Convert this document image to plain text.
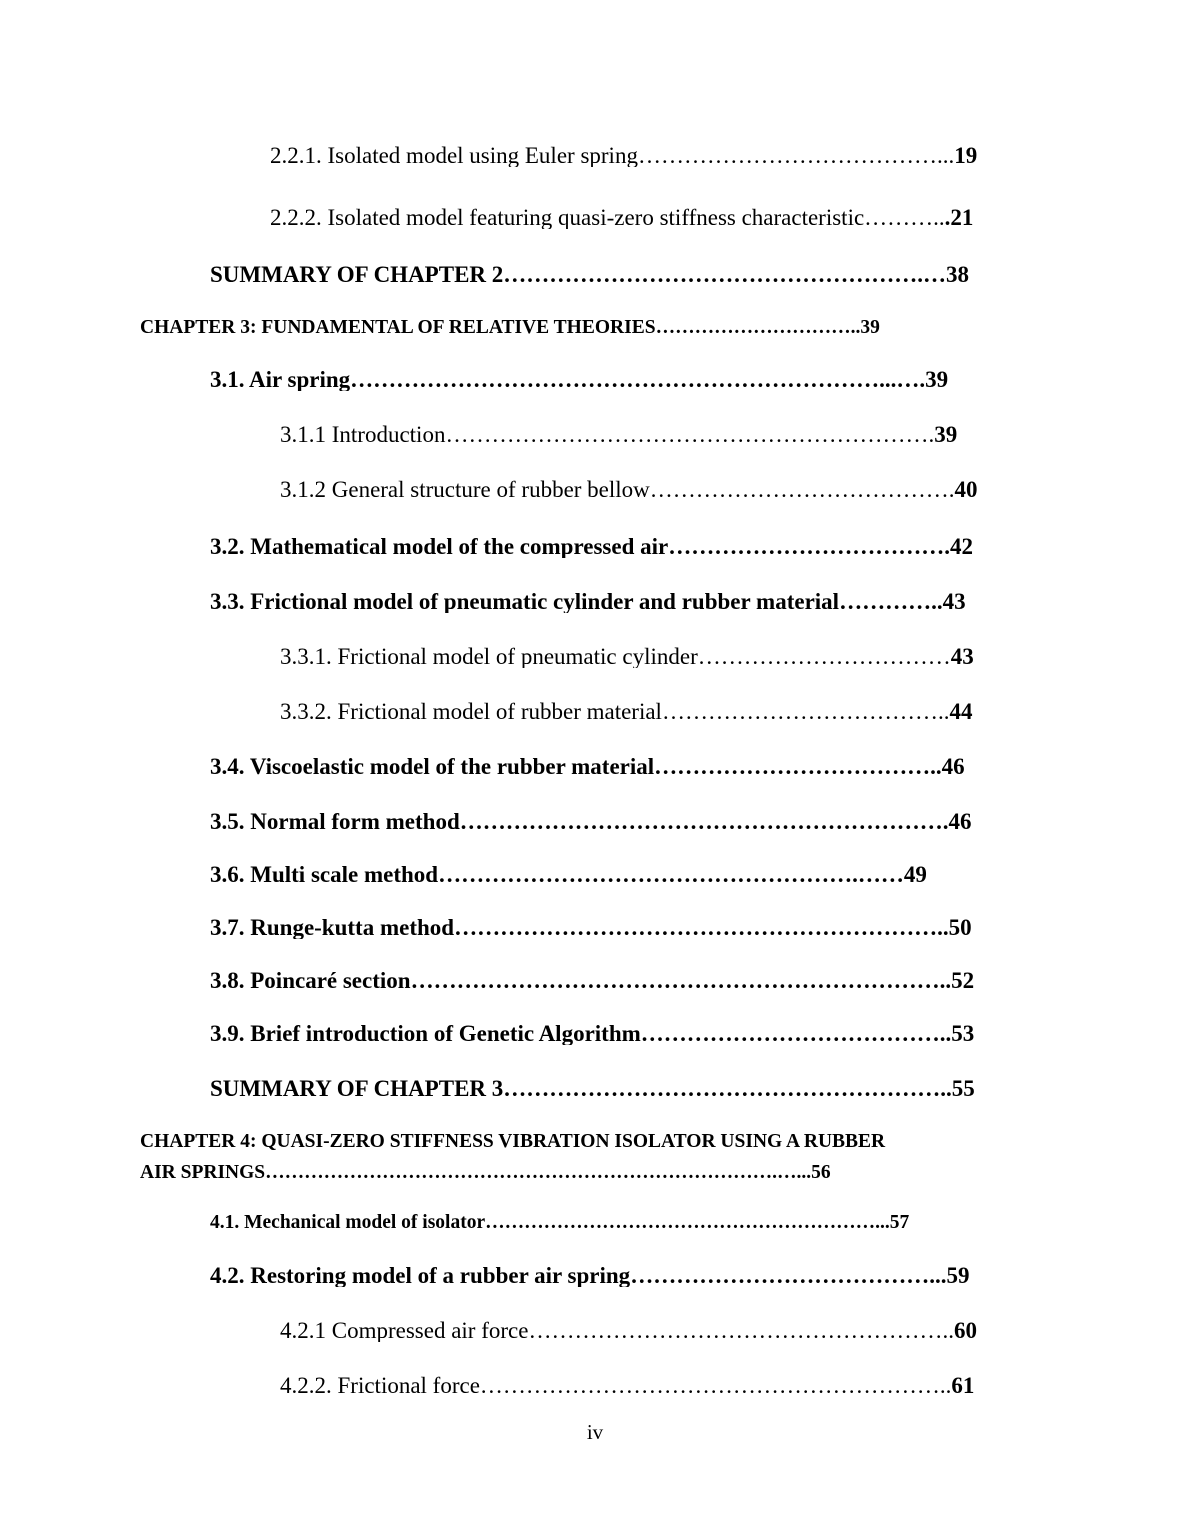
2.2.1. Isolated model using Euler spring…………………………………...19
2.2.2. Isolated model featuring quasi-zero stiffness characteristic………...21
SUMMARY OF CHAPTER 2……………………………………………….…38
CHAPTER 3: FUNDAMENTAL OF RELATIVE THEORIES…………………………..39
3.1. Air spring……………………………………………………………...….39
3.1.1 Introduction……………………………………………………….39
3.1.2 General structure of rubber bellow………………………………….40
3.2. Mathematical model of the compressed air……………………………….42
3.3. Frictional model of pneumatic cylinder and rubber material…………..43
3.3.1. Frictional model of pneumatic cylinder……………………………43
3.3.2. Frictional model of rubber material………………………………..44
3.4. Viscoelastic model of the rubber material………………………………..46
3.5. Normal form method……………………………………………………….46
3.6. Multi scale method……………………………………………….……49
3.7. Runge-kutta method………………………………………………………..50
3.8. Poincaré section……………………………………………………………..52
3.9. Brief introduction of Genetic Algorithm…………………………………..53
SUMMARY OF CHAPTER 3…………………………………………………..55
CHAPTER 4: QUASI-ZERO STIFFNESS VIBRATION ISOLATOR USING A RUBBER
AIR SPRINGS…………………………………………………………………….…...56
4.1. Mechanical model of isolator……………………………………………………...57
4.2. Restoring model of a rubber air spring…………………………………...59
4.2.1 Compressed air force………………………………………………..60
4.2.2. Frictional force……………………………………………………..61
iv
